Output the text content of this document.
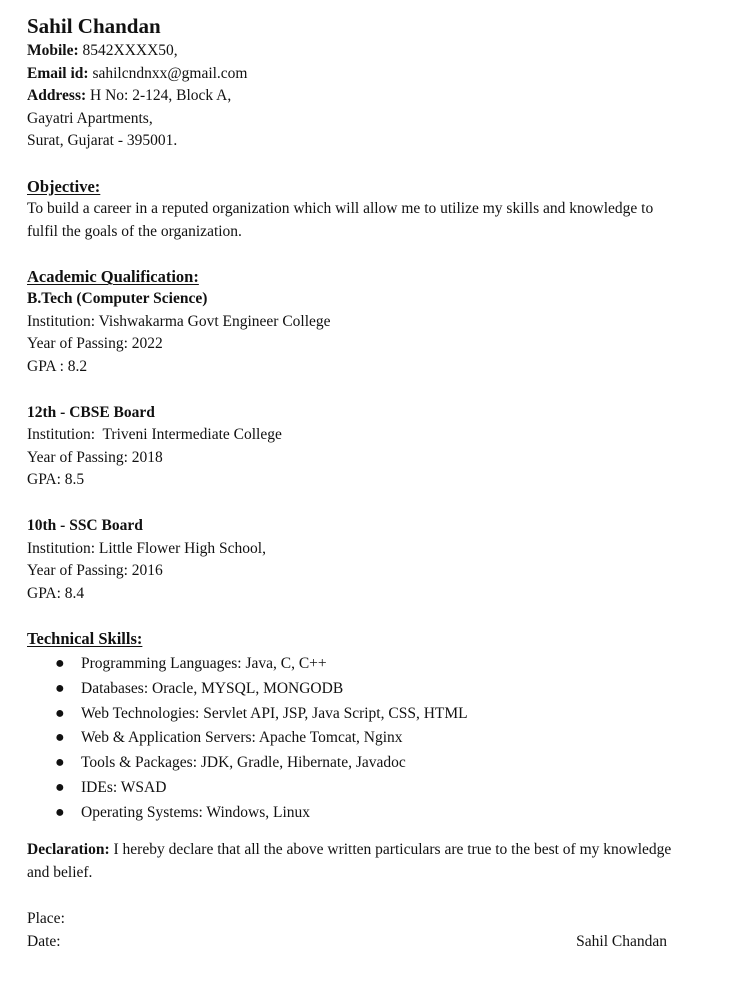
Sahil Chandan
Mobile: 8542XXXX50,
Email id: sahilcndnxx@gmail.com
Address: H No: 2-124, Block A,
Gayatri Apartments,
Surat, Gujarat - 395001.
Objective:
To build a career in a reputed organization which will allow me to utilize my skills and knowledge to fulfil the goals of the organization.
Academic Qualification:
B.Tech (Computer Science)
Institution: Vishwakarma Govt Engineer College
Year of Passing: 2022
GPA : 8.2
12th - CBSE Board
Institution:  Triveni Intermediate College
Year of Passing: 2018
GPA: 8.5
10th - SSC Board
Institution: Little Flower High School,
Year of Passing: 2016
GPA: 8.4
Technical Skills:
● Programming Languages: Java, C, C++
● Databases: Oracle, MYSQL, MONGODB
● Web Technologies: Servlet API, JSP, Java Script, CSS, HTML
● Web & Application Servers: Apache Tomcat, Nginx
● Tools & Packages: JDK, Gradle, Hibernate, Javadoc
● IDEs: WSAD
● Operating Systems: Windows, Linux
Declaration: I hereby declare that all the above written particulars are true to the best of my knowledge and belief.
Place:
Date:	Sahil Chandan
